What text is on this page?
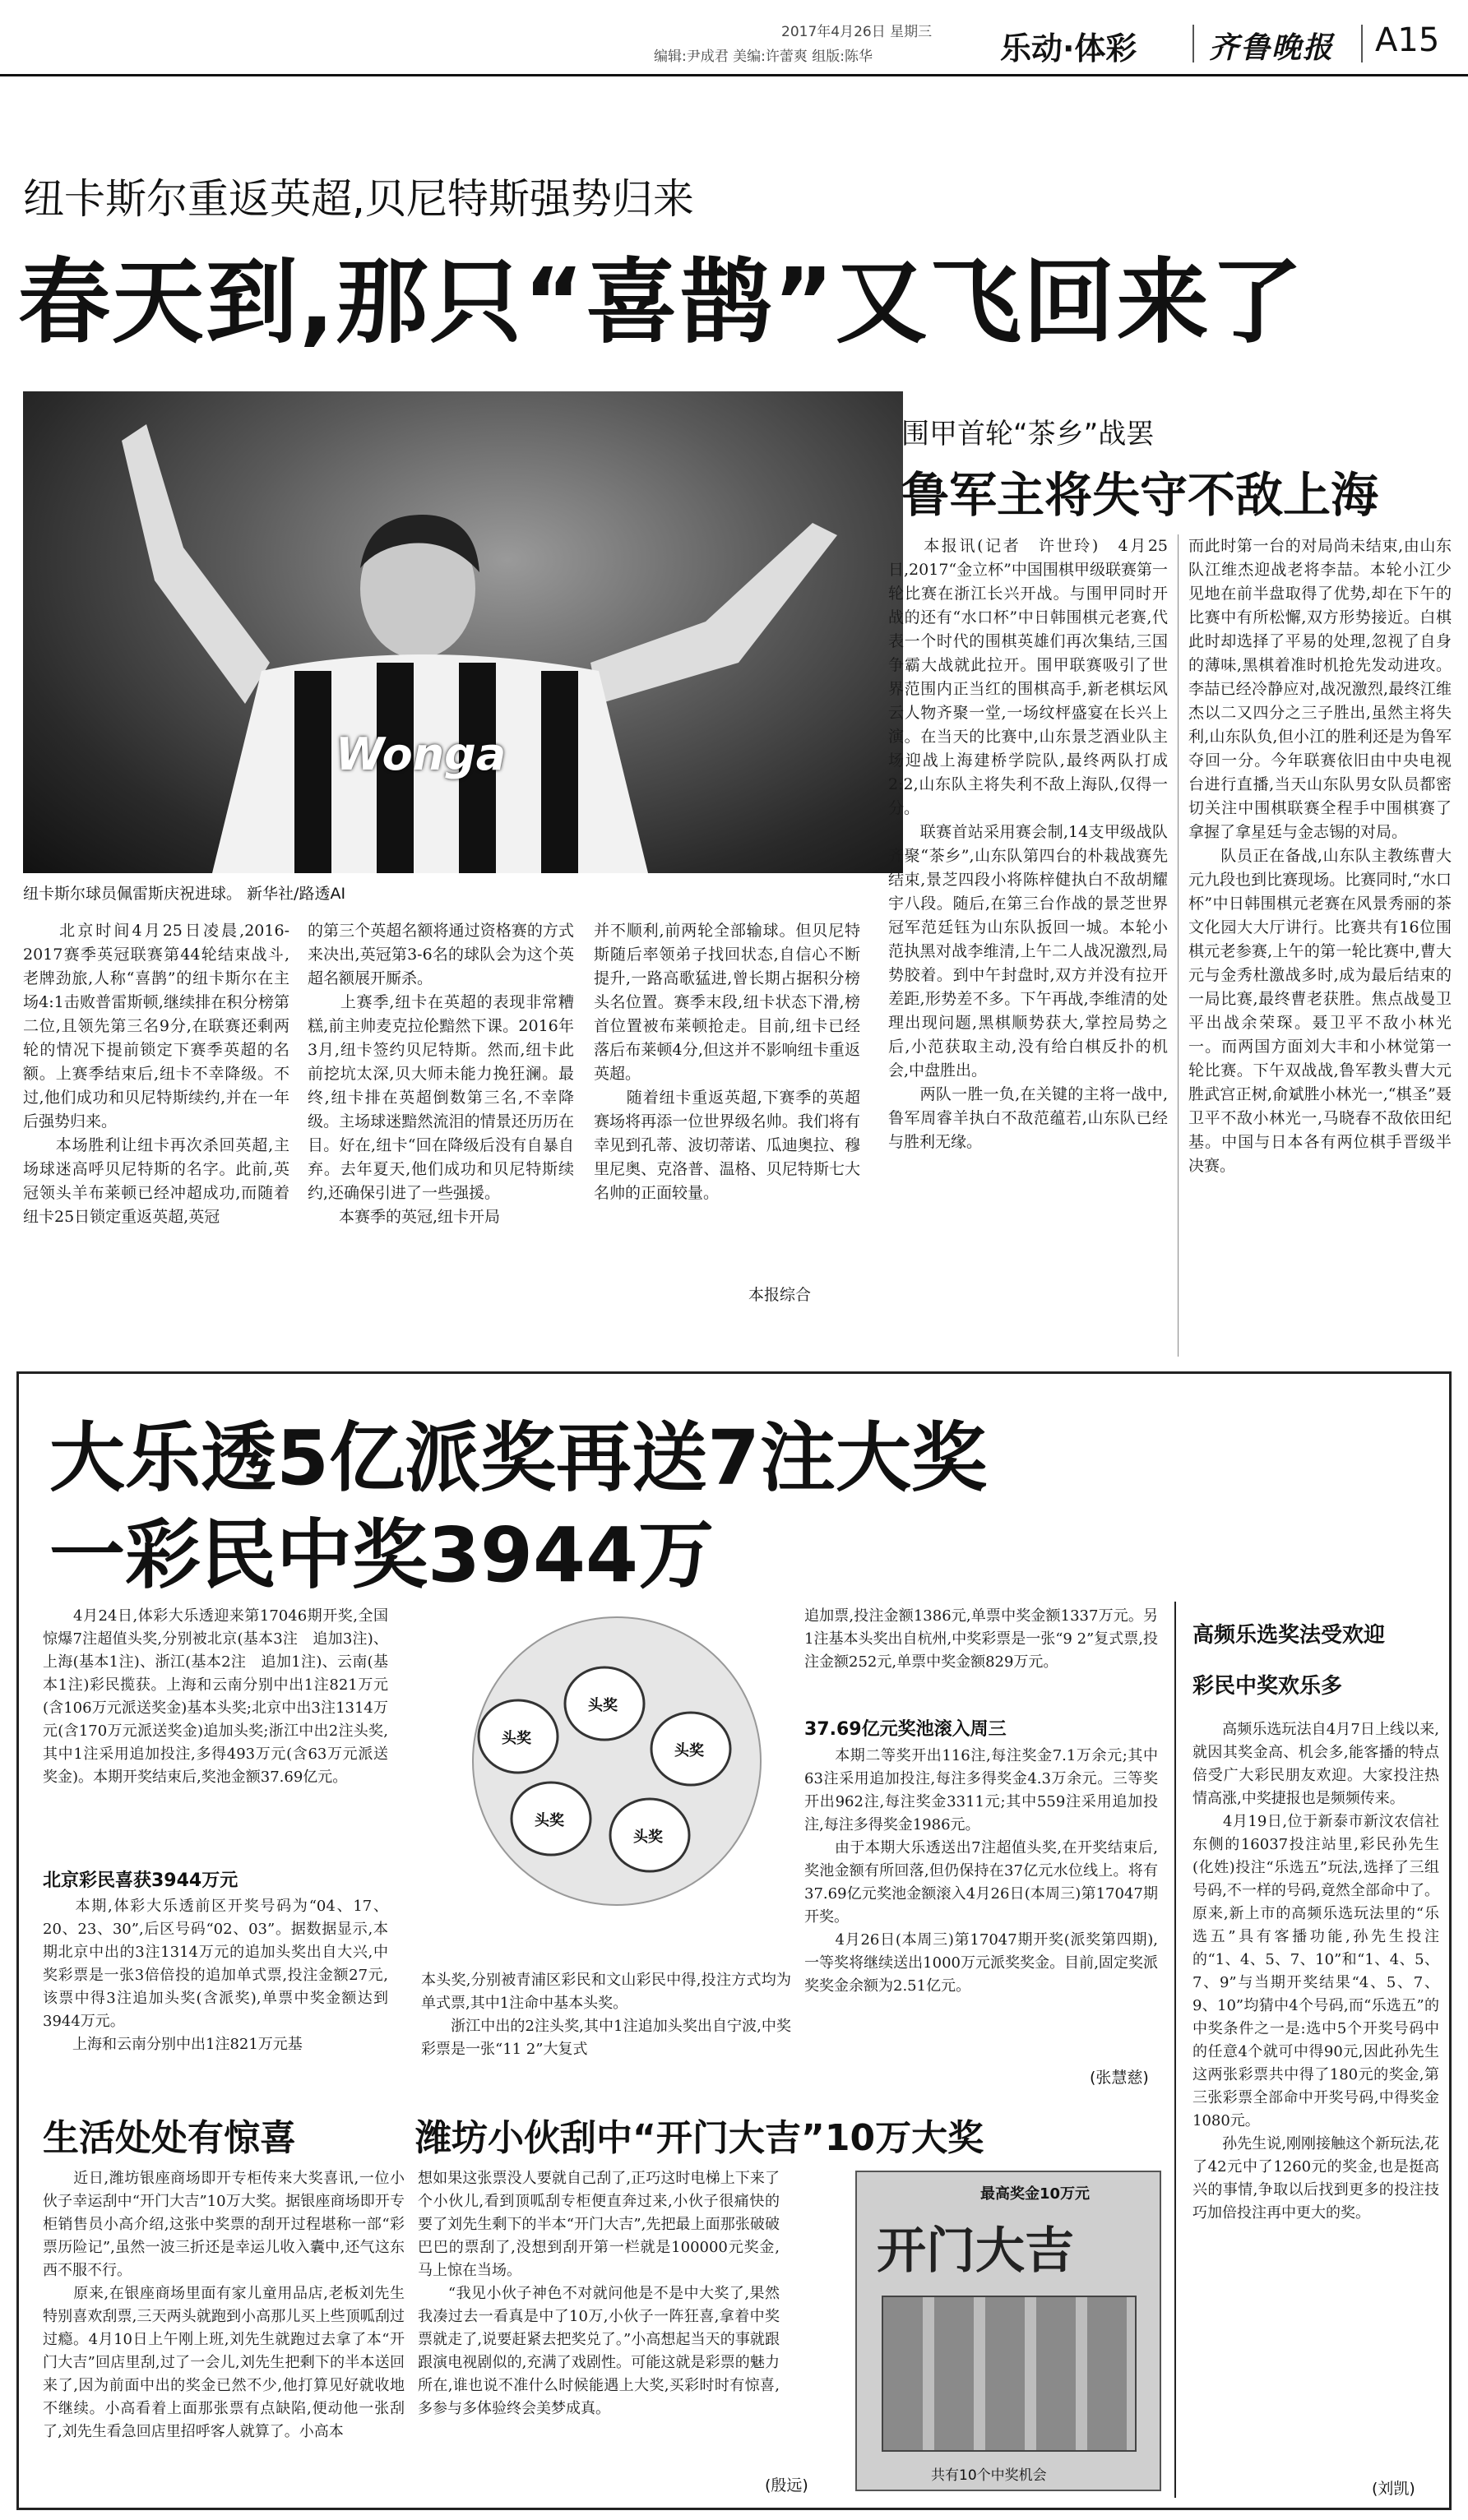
2017年4月26日 星期三
编辑:尹成君 美编:许蕾爽 组版:陈华	乐动·体彩 齐鲁晚报 A15
纽卡斯尔重返英超,贝尼特斯强势归来
春天到,那只“喜鹊”又飞回来了
Wonga
纽卡斯尔球员佩雷斯庆祝进球。 新华社/路透AI
　　北京时间4月25日凌晨,2016-2017赛季英冠联赛第44轮结束战斗,老牌劲旅,人称“喜鹊”的纽卡斯尔在主场4:1击败普雷斯顿,继续排在积分榜第二位,且领先第三名9分,在联赛还剩两轮的情况下提前锁定下赛季英超的名额。上赛季结束后,纽卡不幸降级。不过,他们成功和贝尼特斯续约,并在一年后强势归来。
　　本场胜利让纽卡再次杀回英超,主场球迷高呼贝尼特斯的名字。此前,英冠领头羊布莱顿已经冲超成功,而随着纽卡25日锁定重返英超,英冠
的第三个英超名额将通过资格赛的方式来决出,英冠第3-6名的球队会为这个英超名额展开厮杀。
　　上赛季,纽卡在英超的表现非常糟糕,前主帅麦克拉伦黯然下课。2016年3月,纽卡签约贝尼特斯。然而,纽卡此前挖坑太深,贝大师未能力挽狂澜。最终,纽卡排在英超倒数第三名,不幸降级。主场球迷黯然流泪的情景还历历在目。好在,纽卡“回在降级后没有自暴自弃。去年夏天,他们成功和贝尼特斯续约,还确保引进了一些强援。
　　本赛季的英冠,纽卡开局
并不顺利,前两轮全部输球。但贝尼特斯随后率领弟子找回状态,自信心不断提升,一路高歌猛进,曾长期占据积分榜头名位置。赛季末段,纽卡状态下滑,榜首位置被布莱顿抢走。目前,纽卡已经落后布莱顿4分,但这并不影响纽卡重返英超。
　　随着纽卡重返英超,下赛季的英超赛场将再添一位世界级名帅。我们将有幸见到孔蒂、波切蒂诺、瓜迪奥拉、穆里尼奥、克洛普、温格、贝尼特斯七大名帅的正面较量。
本报综合
围甲首轮“茶乡”战罢
鲁军主将失守不敌上海
　　本报讯(记者　许世玲)　4月25日,2017“金立杯”中国围棋甲级联赛第一轮比赛在浙江长兴开战。与围甲同时开战的还有“水口杯”中日韩围棋元老赛,代表一个时代的围棋英雄们再次集结,三国争霸大战就此拉开。围甲联赛吸引了世界范围内正当红的围棋高手,新老棋坛风云人物齐聚一堂,一场纹枰盛宴在长兴上演。在当天的比赛中,山东景芝酒业队主场迎战上海建桥学院队,最终两队打成2:2,山东队主将失利不敌上海队,仅得一分。
　　联赛首站采用赛会制,14支甲级战队齐聚“茶乡”,山东队第四台的朴栽战赛先结束,景芝四段小将陈梓健执白不敌胡耀宇八段。随后,在第三台作战的景芝世界冠军范廷钰为山东队扳回一城。本轮小范执黑对战李维清,上午二人战况激烈,局势胶着。到中午封盘时,双方并没有拉开差距,形势差不多。下午再战,李维清的处理出现问题,黑棋顺势获大,掌控局势之后,小范获取主动,没有给白棋反扑的机会,中盘胜出。
　　两队一胜一负,在关键的主将一战中,鲁军周睿羊执白不敌范蕴若,山东队已经与胜利无缘。
而此时第一台的对局尚未结束,由山东队江维杰迎战老将李喆。本轮小江少见地在前半盘取得了优势,却在下午的比赛中有所松懈,双方形势接近。白棋此时却选择了平易的处理,忽视了自身的薄味,黑棋着准时机抢先发动进攻。李喆已经冷静应对,战况激烈,最终江维杰以二又四分之三子胜出,虽然主将失利,山东队负,但小江的胜利还是为鲁军夺回一分。今年联赛依旧由中央电视台进行直播,当天山东队男女队员都密切关注中围棋联赛全程手中围棋赛了拿握了拿星廷与金志锡的对局。
　　队员正在备战,山东队主教练曹大元九段也到比赛现场。比赛同时,“水口杯”中日韩围棋元老赛在风景秀丽的茶文化园大大厅讲行。比赛共有16位围棋元老参赛,上午的第一轮比赛中,曹大元与金秀杜激战多时,成为最后结束的一局比赛,最终曹老获胜。焦点战曼卫平出战余荣琛。聂卫平不敌小林光一。而两国方面刘大丰和小林觉第一轮比赛。下午双战战,鲁军教头曹大元胜武宫正树,俞斌胜小林光一,“棋圣”聂卫平不敌小林光一,马晓春不敌依田纪基。中国与日本各有两位棋手晋级半决赛。
大乐透5亿派奖再送7注大奖
一彩民中奖3944万
　　4月24日,体彩大乐透迎来第17046期开奖,全国惊爆7注超值头奖,分别被北京(基本3注　追加3注)、上海(基本1注)、浙江(基本2注　追加1注)、云南(基本1注)彩民揽获。上海和云南分别中出1注821万元(含106万元派送奖金)基本头奖;北京中出3注1314万元(含170万元派送奖金)追加头奖;浙江中出2注头奖,其中1注采用追加投注,多得493万元(含63万元派送奖金)。本期开奖结束后,奖池金额37.69亿元。
北京彩民喜获3944万元
　　本期,体彩大乐透前区开奖号码为“04、17、20、23、30”,后区号码“02、03”。据数据显示,本期北京中出的3注1314万元的追加头奖出自大兴,中奖彩票是一张3倍倍投的追加单式票,投注金额27元,该票中得3注追加头奖(含派奖),单票中奖金额达到3944万元。
　　上海和云南分别中出1注821万元基
头奖
头奖
头奖
头奖
头奖
本头奖,分别被青浦区彩民和文山彩民中得,投注方式均为单式票,其中1注命中基本头奖。
　　浙江中出的2注头奖,其中1注追加头奖出自宁波,中奖彩票是一张“11 2”大复式
追加票,投注金额1386元,单票中奖金额1337万元。另1注基本头奖出自杭州,中奖彩票是一张“9 2”复式票,投注金额252元,单票中奖金额829万元。
37.69亿元奖池滚入周三
　　本期二等奖开出116注,每注奖金7.1万余元;其中63注采用追加投注,每注多得奖金4.3万余元。三等奖开出962注,每注奖金3311元;其中559注采用追加投注,每注多得奖金1986元。
　　由于本期大乐透送出7注超值头奖,在开奖结束后,奖池金额有所回落,但仍保持在37亿元水位线上。将有37.69亿元奖池金额滚入4月26日(本周三)第17047期开奖。
　　4月26日(本周三)第17047期开奖(派奖第四期),一等奖将继续送出1000万元派奖奖金。目前,固定奖派奖奖金余额为2.51亿元。
(张慧慈)
高频乐选奖法受欢迎
彩民中奖欢乐多
　　高频乐选玩法自4月7日上线以来,就因其奖金高、机会多,能客播的特点倍受广大彩民朋友欢迎。大家投注热情高涨,中奖捷报也是频频传来。
　　4月19日,位于新泰市新汶农信社东侧的16037投注站里,彩民孙先生(化姓)投注“乐选五”玩法,选择了三组号码,不一样的号码,竟然全部命中了。原来,新上市的高频乐选玩法里的“乐选五”具有客播功能,孙先生投注的“1、4、5、7、10”和“1、4、5、7、9”与当期开奖结果“4、5、7、9、10”均猜中4个号码,而“乐选五”的中奖条件之一是:选中5个开奖号码中的任意4个就可中得90元,因此孙先生这两张彩票共中得了180元的奖金,第三张彩票全部命中开奖号码,中得奖金1080元。
　　孙先生说,刚刚接触这个新玩法,花了42元中了1260元的奖金,也是挺高兴的事情,争取以后找到更多的投注技巧加倍投注再中更大的奖。
(刘凯)
生活处处有惊喜	潍坊小伙刮中“开门大吉”10万大奖
　　近日,潍坊银座商场即开专柜传来大奖喜讯,一位小伙子幸运刮中“开门大吉”10万大奖。据银座商场即开专柜销售员小高介绍,这张中奖票的刮开过程堪称一部“彩票历险记”,虽然一波三折还是幸运儿收入囊中,还气这东西不服不行。
　　原来,在银座商场里面有家儿童用品店,老板刘先生特别喜欢刮票,三天两头就跑到小高那儿买上些顶呱刮过过瘾。4月10日上午刚上班,刘先生就跑过去拿了本“开门大吉”回店里刮,过了一会儿,刘先生把剩下的半本送回来了,因为前面中出的奖金已然不少,他打算见好就收地不继续。小高看着上面那张票有点缺陷,便动他一张刮了,刘先生看急回店里招呼客人就算了。小高本
想如果这张票没人要就自己刮了,正巧这时电梯上下来了个小伙儿,看到顶呱刮专柜便直奔过来,小伙子很痛快的要了刘先生剩下的半本“开门大吉”,先把最上面那张破破巴巴的票刮了,没想到刮开第一栏就是100000元奖金,马上惊在当场。
　　“我见小伙子神色不对就问他是不是中大奖了,果然我凑过去一看真是中了10万,小伙子一阵狂喜,拿着中奖票就走了,说要赶紧去把奖兑了。”小高想起当天的事就跟跟演电视剧似的,充满了戏剧性。可能这就是彩票的魅力所在,谁也说不准什么时候能遇上大奖,买彩时时有惊喜,多参与多体验终会美梦成真。
(殷远)
最高奖金10万元
开门大吉
共有10个中奖机会
